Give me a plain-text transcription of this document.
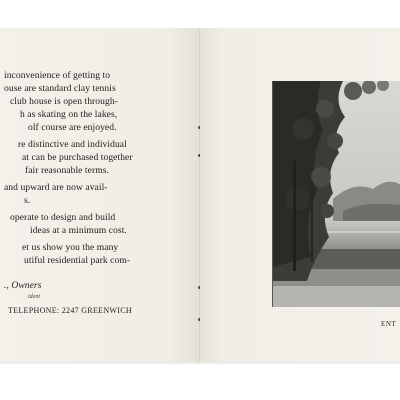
inconvenience of getting to
ouse are standard clay tennis
club house is open through-
h as skating on the lakes,
olf course are enjoyed.
re distinctive and individual
at can be purchased together
fair reasonable terms.
and upward are now avail-
s.
operate to design and build
ideas at a minimum cost.
et us show you the many
utiful residential park com-
., Owners
ident
TELEPHONE: 2247 GREENWICH
ENT
